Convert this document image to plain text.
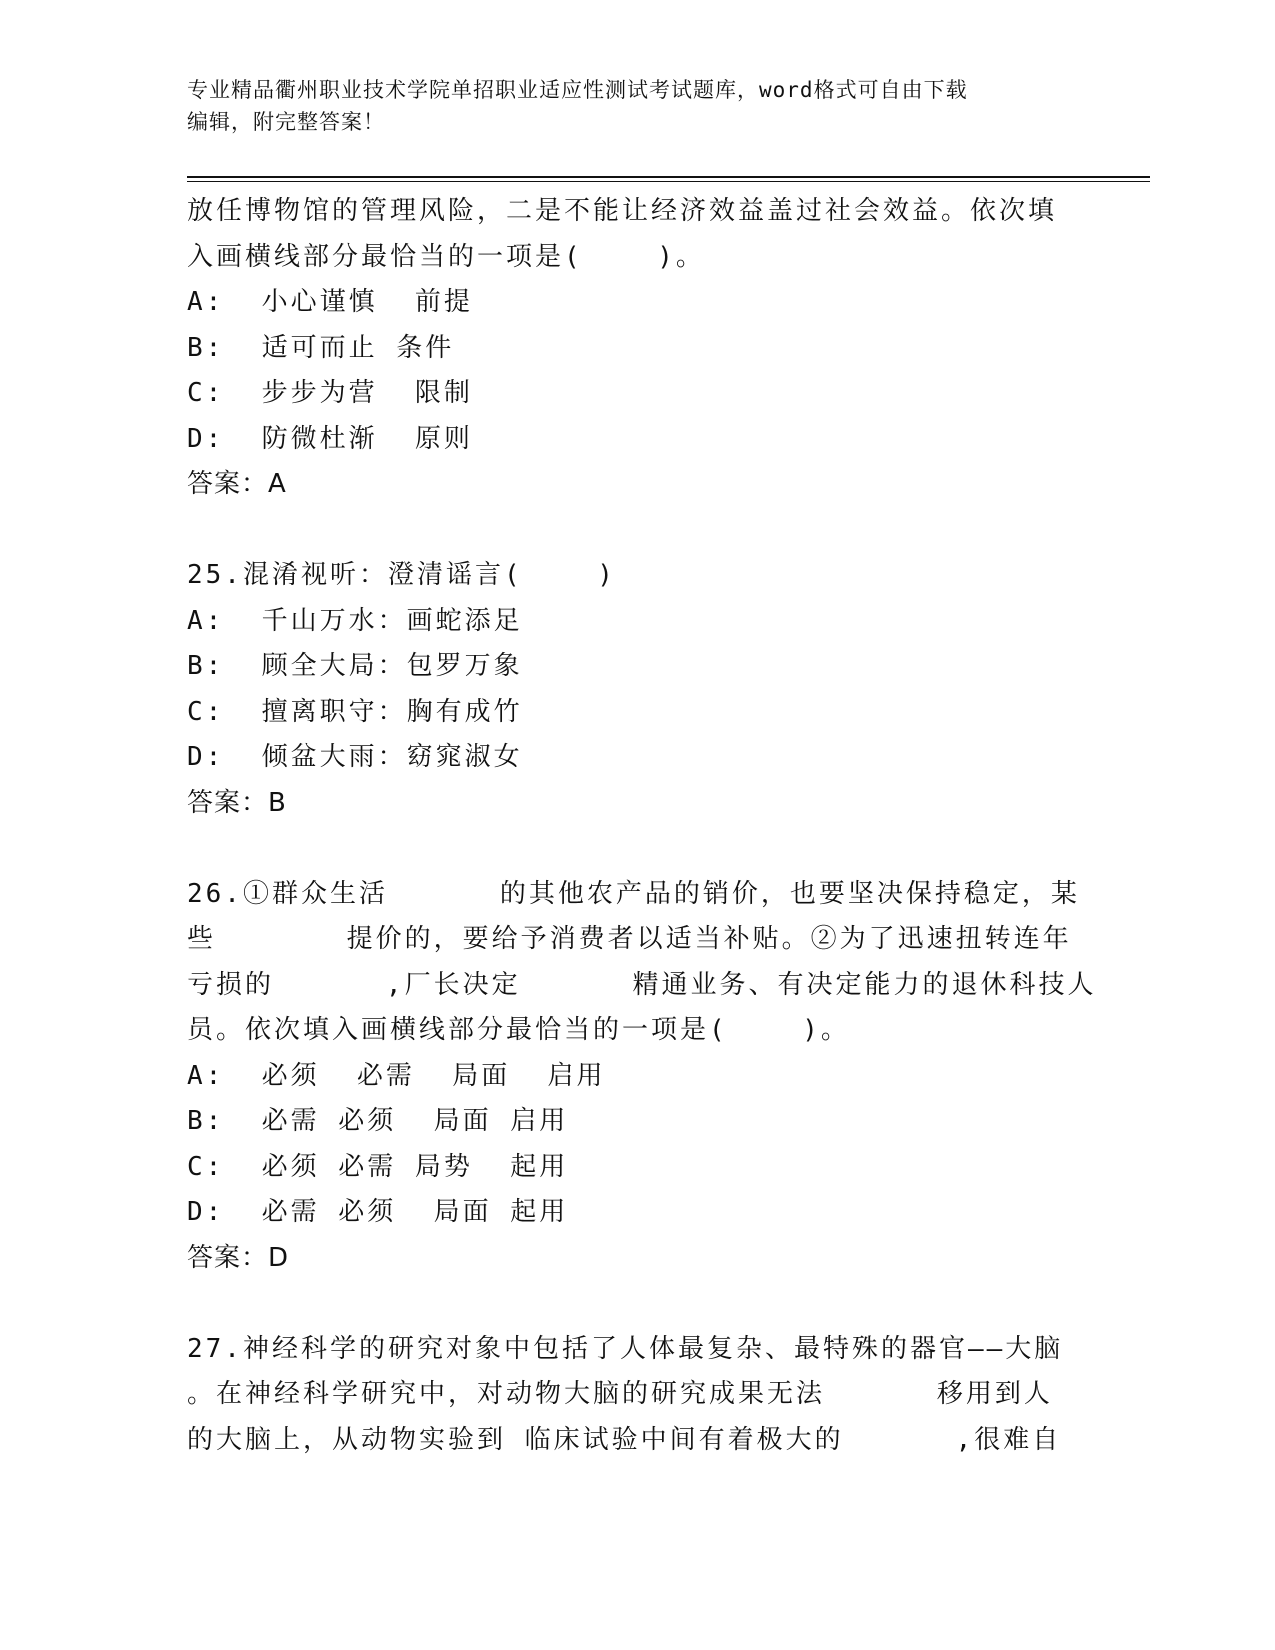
专业精品衢州职业技术学院单招职业适应性测试考试题库，word格式可自由下载
编辑，附完整答案！
放任博物馆的管理风险，二是不能让经济效益盖过社会效益。依次填
入画横线部分最恰当的一项是(    )。
A:  小心谨慎  前提
B:  适可而止 条件
C:  步步为营  限制
D:  防微杜渐  原则
答案：A
25.混淆视听：澄清谣言(    )
A:  千山万水：画蛇添足
B:  顾全大局：包罗万象
C:  擅离职守：胸有成竹
D:  倾盆大雨：窈窕淑女
答案：B
26.①群众生活      的其他农产品的销价，也要坚决保持稳定，某
些       提价的，要给予消费者以适当补贴。②为了迅速扭转连年
亏损的      ,厂长决定      精通业务、有决定能力的退休科技人
员。依次填入画横线部分最恰当的一项是(    )。
A:  必须  必需  局面  启用
B:  必需 必须  局面 启用
C:  必须 必需 局势  起用
D:  必需 必须  局面 起用
答案：D
27.神经科学的研究对象中包括了人体最复杂、最特殊的器官——大脑
。在神经科学研究中，对动物大脑的研究成果无法      移用到人
的大脑上，从动物实验到 临床试验中间有着极大的      ,很难自
